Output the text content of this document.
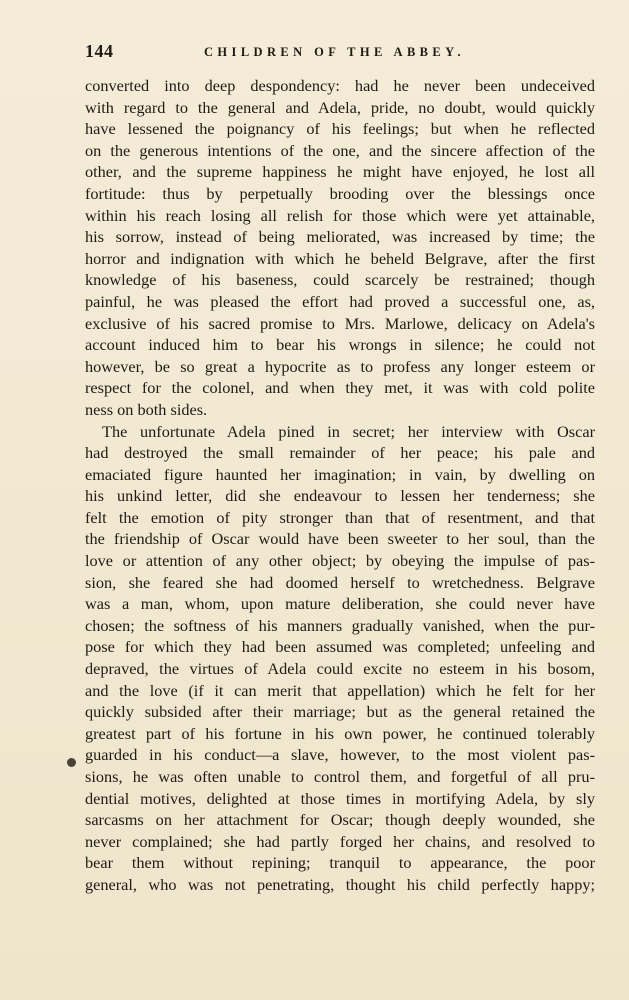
144	CHILDREN OF THE ABBEY.
converted into deep despondency: had he never been undeceived
with regard to the general and Adela, pride, no doubt, would quickly
have lessened the poignancy of his feelings; but when he reflected
on the generous intentions of the one, and the sincere affection of the
other, and the supreme happiness he might have enjoyed, he lost all
fortitude: thus by perpetually brooding over the blessings once
within his reach losing all relish for those which were yet attainable,
his sorrow, instead of being meliorated, was increased by time; the
horror and indignation with which he beheld Belgrave, after the first
knowledge of his baseness, could scarcely be restrained; though
painful, he was pleased the effort had proved a successful one, as,
exclusive of his sacred promise to Mrs. Marlowe, delicacy on Adela's
account induced him to bear his wrongs in silence; he could not
however, be so great a hypocrite as to profess any longer esteem or
respect for the colonel, and when they met, it was with cold polite
ness on both sides.
The unfortunate Adela pined in secret; her interview with Oscar
had destroyed the small remainder of her peace; his pale and
emaciated figure haunted her imagination; in vain, by dwelling on
his unkind letter, did she endeavour to lessen her tenderness; she
felt the emotion of pity stronger than that of resentment, and that
the friendship of Oscar would have been sweeter to her soul, than the
love or attention of any other object; by obeying the impulse of pas-
sion, she feared she had doomed herself to wretchedness. Belgrave
was a man, whom, upon mature deliberation, she could never have
chosen; the softness of his manners gradually vanished, when the pur-
pose for which they had been assumed was completed; unfeeling and
depraved, the virtues of Adela could excite no esteem in his bosom,
and the love (if it can merit that appellation) which he felt for her
quickly subsided after their marriage; but as the general retained the
greatest part of his fortune in his own power, he continued tolerably
guarded in his conduct—a slave, however, to the most violent pas-
sions, he was often unable to control them, and forgetful of all pru-
dential motives, delighted at those times in mortifying Adela, by sly
sarcasms on her attachment for Oscar; though deeply wounded, she
never complained; she had partly forged her chains, and resolved to
bear them without repining; tranquil to appearance, the poor
general, who was not penetrating, thought his child perfectly happy;
